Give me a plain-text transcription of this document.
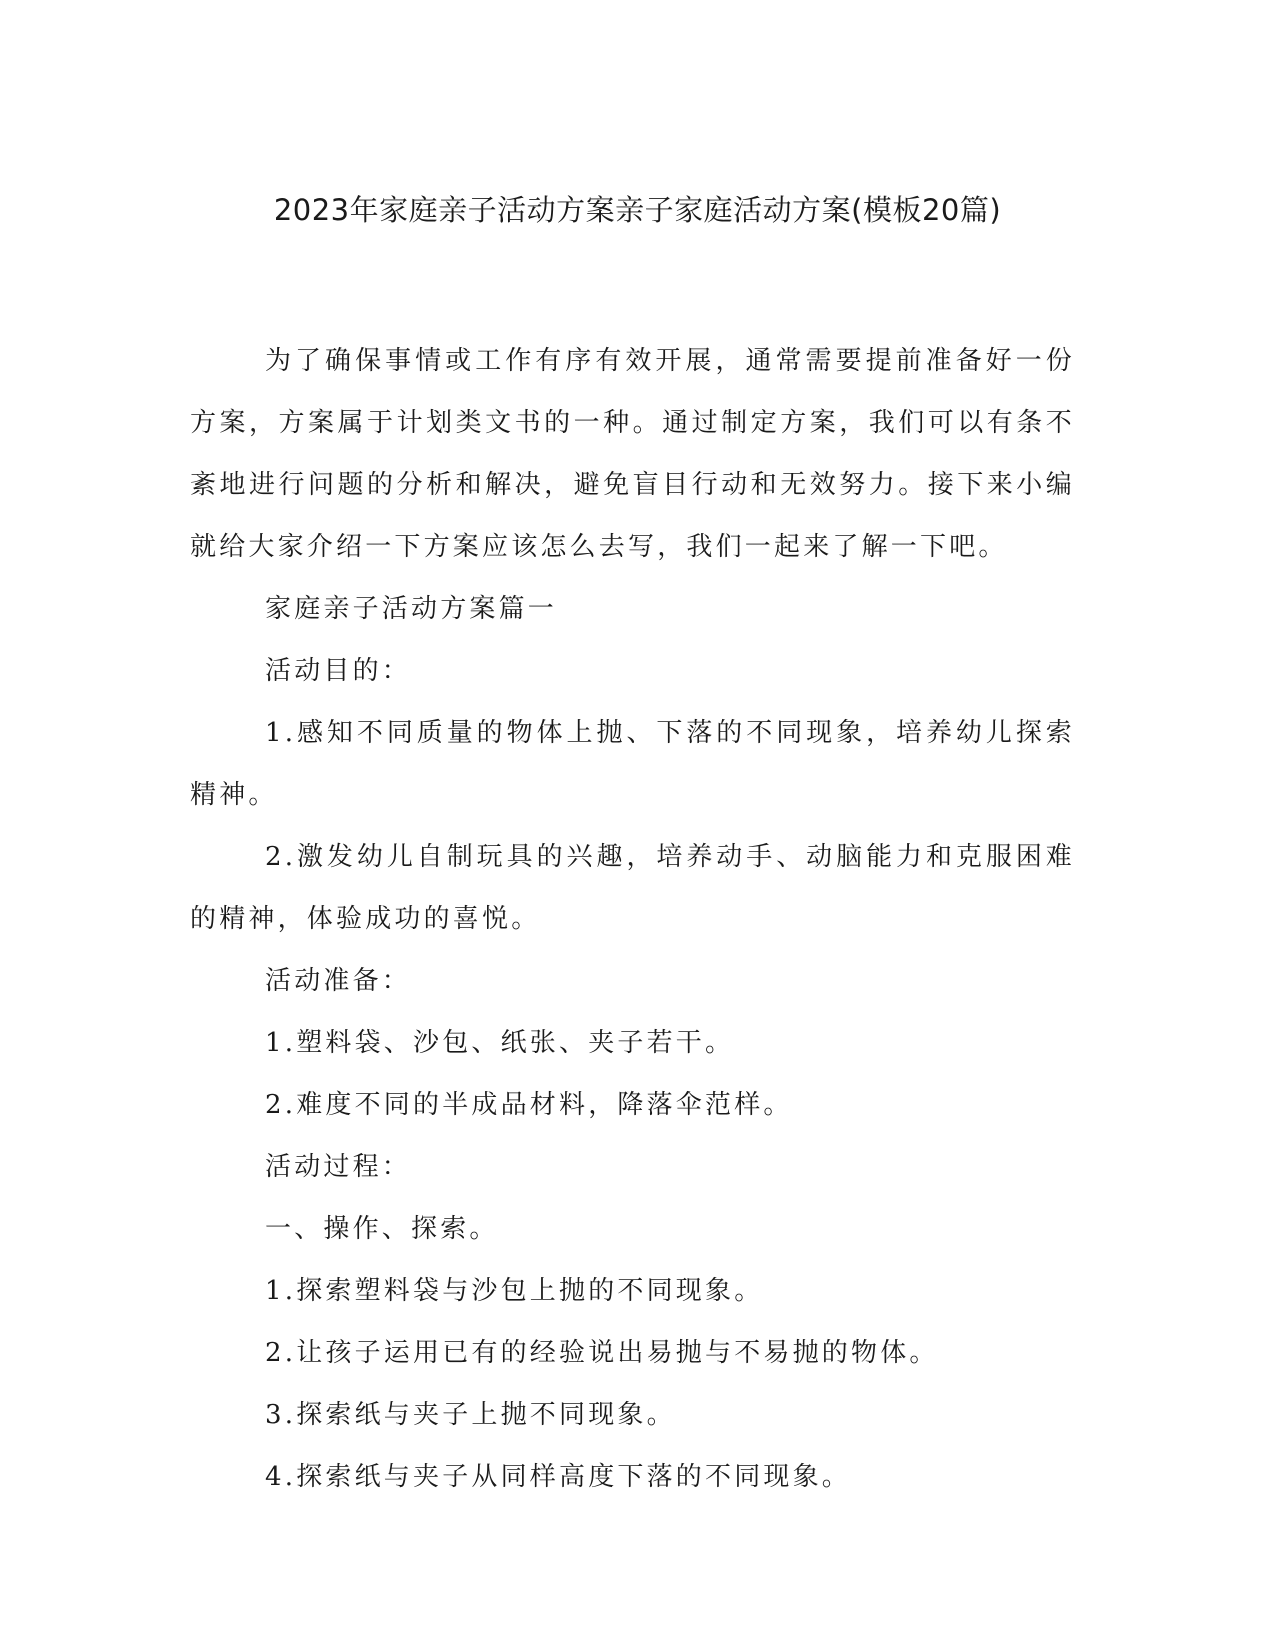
2023年家庭亲子活动方案亲子家庭活动方案(模板20篇)

为了确保事情或工作有序有效开展，通常需要提前准备好一份方案，方案属于计划类文书的一种。通过制定方案，我们可以有条不紊地进行问题的分析和解决，避免盲目行动和无效努力。接下来小编就给大家介绍一下方案应该怎么去写，我们一起来了解一下吧。

家庭亲子活动方案篇一

活动目的：

1.感知不同质量的物体上抛、下落的不同现象，培养幼儿探索精神。

2.激发幼儿自制玩具的兴趣，培养动手、动脑能力和克服困难的精神，体验成功的喜悦。

活动准备：

1.塑料袋、沙包、纸张、夹子若干。

2.难度不同的半成品材料，降落伞范样。

活动过程：

一、操作、探索。

1.探索塑料袋与沙包上抛的不同现象。

2.让孩子运用已有的经验说出易抛与不易抛的物体。

3.探索纸与夹子上抛不同现象。

4.探索纸与夹子从同样高度下落的不同现象。
